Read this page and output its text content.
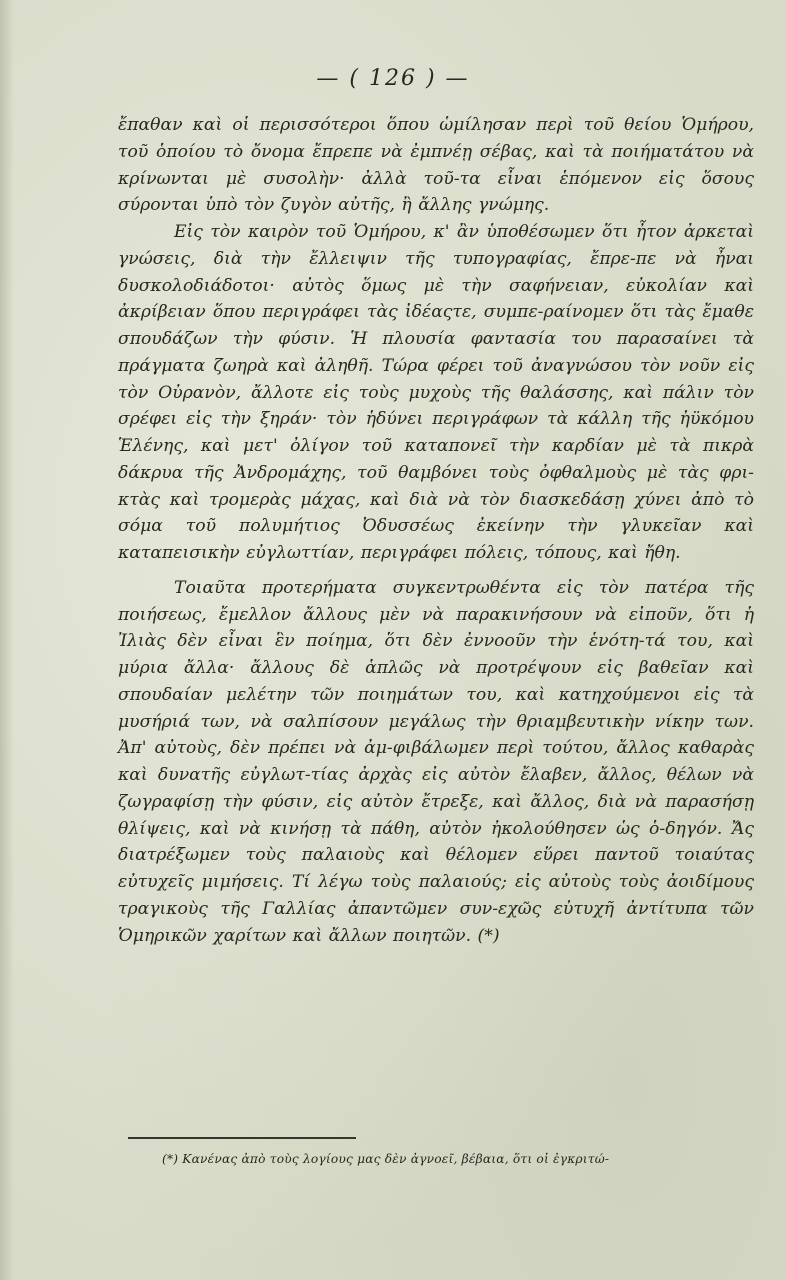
— ( 126 ) —

ἔπαθαν καὶ οἱ περισσότεροι ὅπου ὡμίλησαν περὶ τοῦ θείου Ὁμήρου, τοῦ ὁποίου τὸ ὄνομα ἔπρεπε νὰ ἐμπνέῃ σέβας, καὶ τὰ ποιήματάτου νὰ κρίνωνται μὲ συσολὴν· ἀλλὰ τοῦ-τα εἶναι ἑπόμενον εἰς ὅσους σύρονται ὑπὸ τὸν ζυγὸν αὐτῆς, ἢ ἄλλης γνώμης.

Εἰς τὸν καιρὸν τοῦ Ὁμήρου, κ' ἂν ὑποθέσωμεν ὅτι ἦτον ἀρκεταὶ γνώσεις, διὰ τὴν ἔλλειψιν τῆς τυπογραφίας, ἔπρε-πε νὰ ἦναι δυσκολοδιάδοτοι· αὐτὸς ὅμως μὲ τὴν σαφήνειαν, εὐκολίαν καὶ ἀκρίβειαν ὅπου περιγράφει τὰς ἰδέαςτε, συμπε-ραίνομεν ὅτι τὰς ἔμαθε σπουδάζων τὴν φύσιν. Ἡ πλουσία φαντασία του παρασαίνει τὰ πράγματα ζωηρὰ καὶ ἀληθῆ. Τώρα φέρει τοῦ ἀναγνώσου τὸν νοῦν εἰς τὸν Οὐρανὸν, ἄλλοτε εἰς τοὺς μυχοὺς τῆς θαλάσσης, καὶ πάλιν τὸν σρέφει εἰς τὴν ξηράν· τὸν ἡδύνει περιγράφων τὰ κάλλη τῆς ἠϋκόμου Ἑλένης, καὶ μετ' ὀλίγον τοῦ καταπονεῖ τὴν καρδίαν μὲ τὰ πικρὰ δάκρυα τῆς Ἀνδρομάχης, τοῦ θαμβόνει τοὺς ὀφθαλμοὺς μὲ τὰς φρι-κτὰς καὶ τρομερὰς μάχας, καὶ διὰ νὰ τὸν διασκεδάσῃ χύνει ἀπὸ τὸ σόμα τοῦ πολυμήτιος Ὀδυσσέως ἐκείνην τὴν γλυκεῖαν καὶ καταπεισικὴν εὐγλωττίαν, περιγράφει πόλεις, τόπους, καὶ ἤθη.

Τοιαῦτα προτερήματα συγκεντρωθέντα εἰς τὸν πατέρα τῆς ποιήσεως, ἔμελλον ἄλλους μὲν νὰ παρακινήσουν νὰ εἰποῦν, ὅτι ἡ Ἰλιὰς δὲν εἶναι ἓν ποίημα, ὅτι δὲν ἐννοοῦν τὴν ἑνότη-τά του, καὶ μύρια ἄλλα· ἄλλους δὲ ἁπλῶς νὰ προτρέψουν εἰς βαθεῖαν καὶ σπουδαίαν μελέτην τῶν ποιημάτων του, καὶ κατηχούμενοι εἰς τὰ μυσήριά των, νὰ σαλπίσουν μεγάλως τὴν θριαμβευτικὴν νίκην των. Ἀπ' αὐτοὺς, δὲν πρέπει νὰ ἀμ-φιβάλωμεν περὶ τούτου, ἄλλος καθαρὰς καὶ δυνατῆς εὐγλωτ-τίας ἀρχὰς εἰς αὐτὸν ἔλαβεν, ἄλλος, θέλων νὰ ζωγραφίσῃ τὴν φύσιν, εἰς αὐτὸν ἔτρεξε, καὶ ἄλλος, διὰ νὰ παρασήσῃ θλίψεις, καὶ νὰ κινήσῃ τὰ πάθη, αὐτὸν ἠκολούθησεν ὡς ὁ-δηγόν. Ἄς διατρέξωμεν τοὺς παλαιοὺς καὶ θέλομεν εὕρει παντοῦ τοιαύτας εὐτυχεῖς μιμήσεις. Τί λέγω τοὺς παλαιούς; εἰς αὐτοὺς τοὺς ἀοιδίμους τραγικοὺς τῆς Γαλλίας ἀπαντῶμεν συν-εχῶς εὐτυχῆ ἀντίτυπα τῶν Ὁμηρικῶν χαρίτων καὶ ἄλλων ποιητῶν. (*)

(*) Κανένας ἀπὸ τοὺς λογίους μας δὲν ἀγνοεῖ, βέβαια, ὅτι οἱ ἐγκριτώ-
